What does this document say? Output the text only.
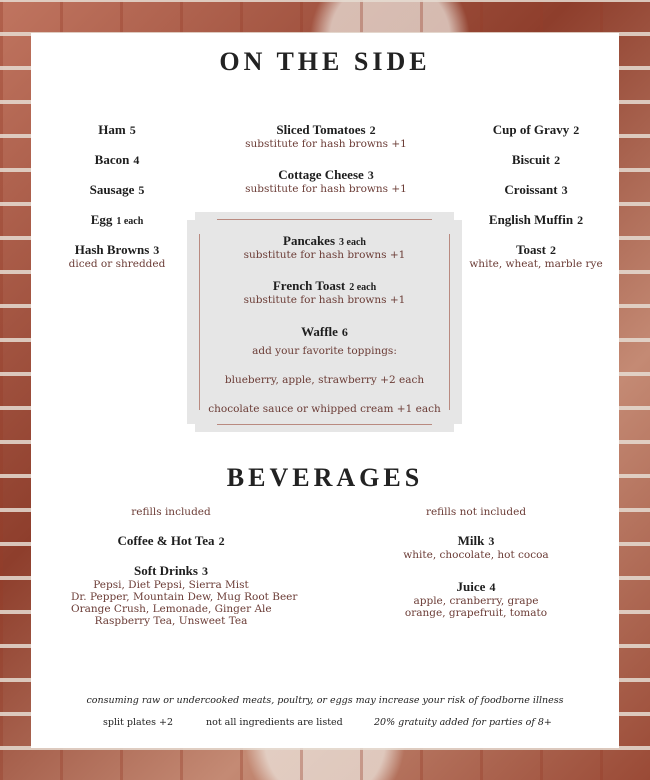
ON THE SIDE
Ham 5
Bacon 4
Sausage 5
Egg 1 each
Hash Browns 3
diced or shredded
Sliced Tomatoes 2
substitute for hash browns +1
Cottage Cheese 3
substitute for hash browns +1
Cup of Gravy 2
Biscuit 2
Croissant 3
English Muffin 2
Toast 2
white, wheat, marble rye
Pancakes 3 each
substitute for hash browns +1
French Toast 2 each
substitute for hash browns +1
Waffle 6
add your favorite toppings:
blueberry, apple, strawberry +2 each
chocolate sauce or whipped cream +1 each
BEVERAGES
refills included	refills not included
Coffee & Hot Tea 2
Soft Drinks 3
Pepsi, Diet Pepsi, Sierra Mist
Dr. Pepper, Mountain Dew, Mug Root Beer
Orange Crush, Lemonade, Ginger Ale
Raspberry Tea, Unsweet Tea
Milk 3
white, chocolate, hot cocoa
Juice 4
apple, cranberry, grape
orange, grapefruit, tomato
consuming raw or undercooked meats, poultry, or eggs may increase your risk of foodborne illness
split plates +2	not all ingredients are listed	20% gratuity added for parties of 8+
